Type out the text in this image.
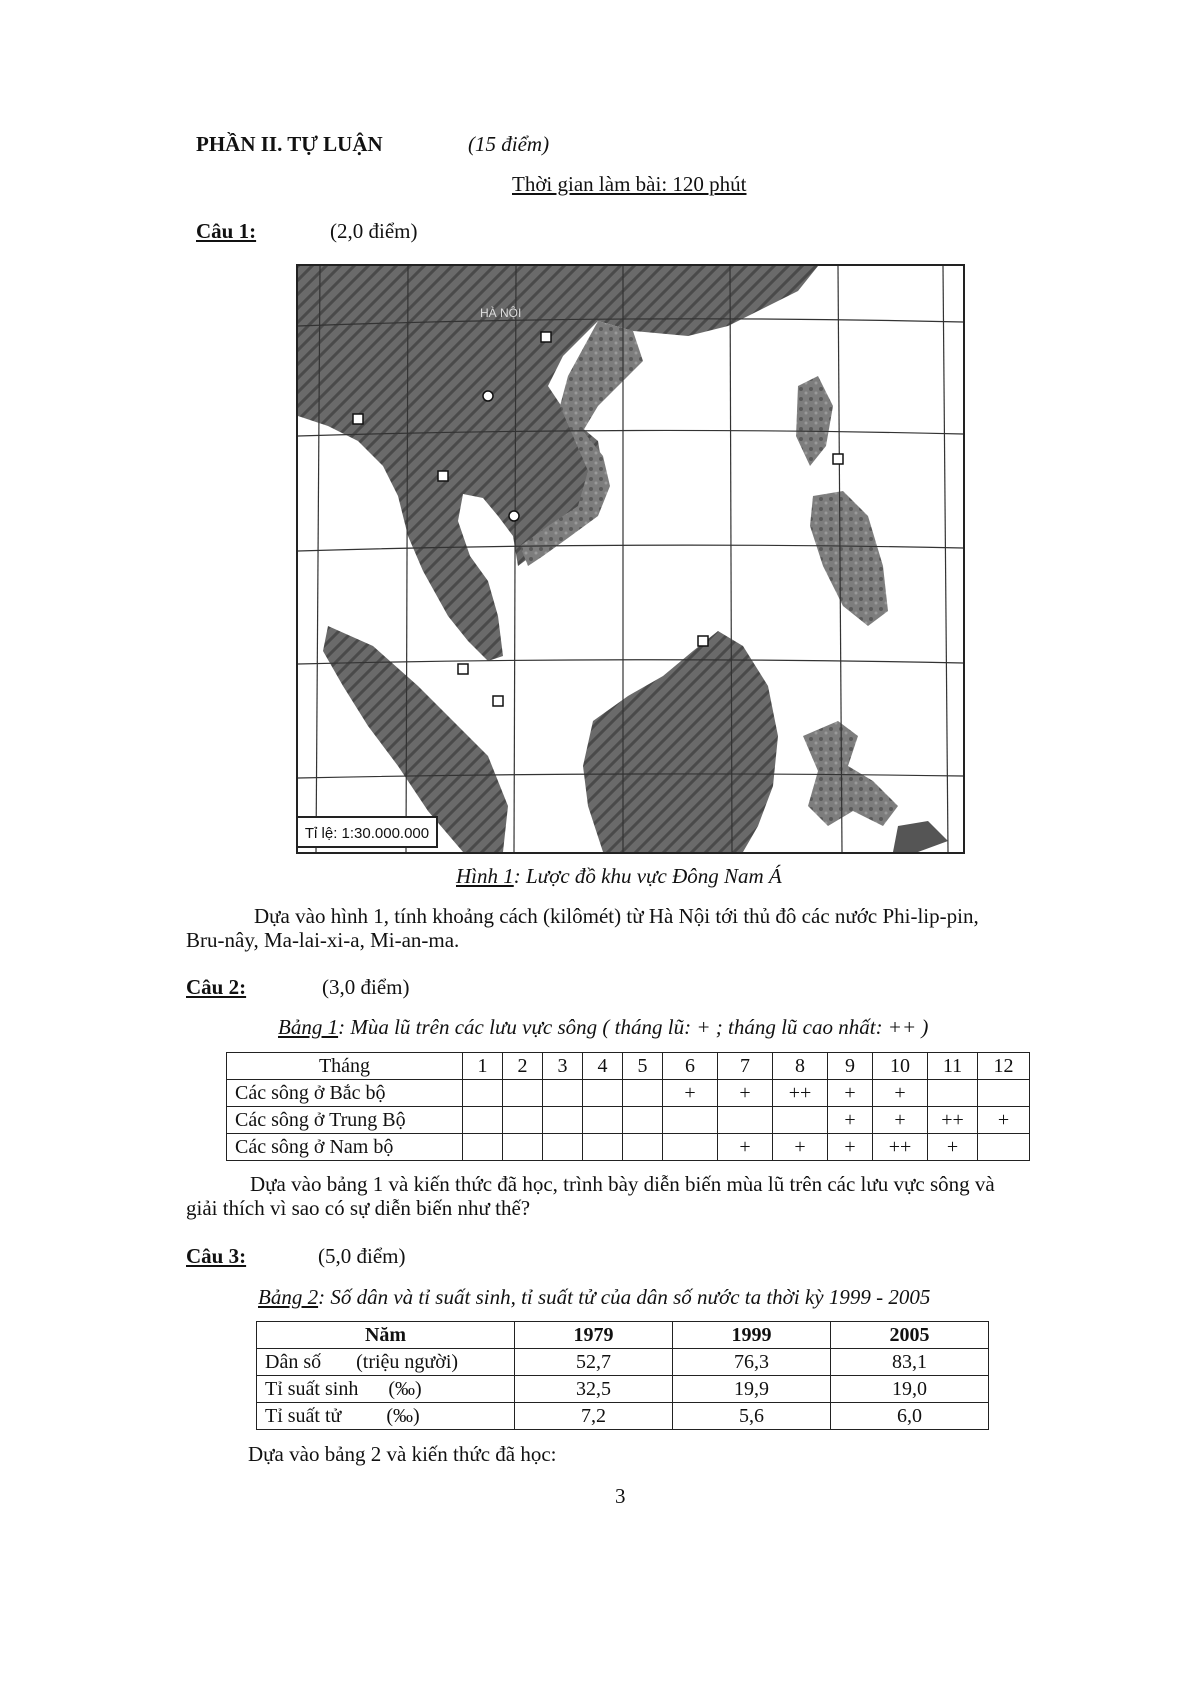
PHẦN II. TỰ LUẬN	(15 điểm)
Thời gian làm bài: 120 phút
Câu 1:	(2,0 điểm)
HÀ NỘI
Tỉ lệ: 1:30.000.000
Hình 1: Lược đồ khu vực Đông Nam Á
Dựa vào hình 1, tính khoảng cách (kilômét) từ Hà Nội tới thủ đô các nước Phi-lip-pin,
Bru-nây, Ma-lai-xi-a, Mi-an-ma.
Câu 2:	(3,0 điểm)
Bảng 1: Mùa lũ trên các lưu vực sông ( tháng lũ: + ; tháng lũ cao nhất: ++ )
Tháng	1	2	3	4	5	6	7	8	9	10	11	12
Các sông ở Bắc bộ						+	+	++	+	+		
Các sông ở Trung Bộ									+	+	++	+
Các sông ở Nam bộ							+	+	+	++	+	
Dựa vào bảng 1 và kiến thức đã học, trình bày diễn biến mùa lũ trên các lưu vực sông và
giải thích vì sao có sự diễn biến như thế?
Câu 3:	(5,0 điểm)
Bảng 2: Số dân và tỉ suất sinh, tỉ suất tử của dân số nước ta thời kỳ 1999 - 2005
Năm	1979	1999	2005
Dân số       (triệu người)	52,7	76,3	83,1
Tỉ suất sinh      (‰)	32,5	19,9	19,0
Tỉ suất tử         (‰)	7,2	5,6	6,0
Dựa vào bảng 2 và kiến thức đã học:
3
